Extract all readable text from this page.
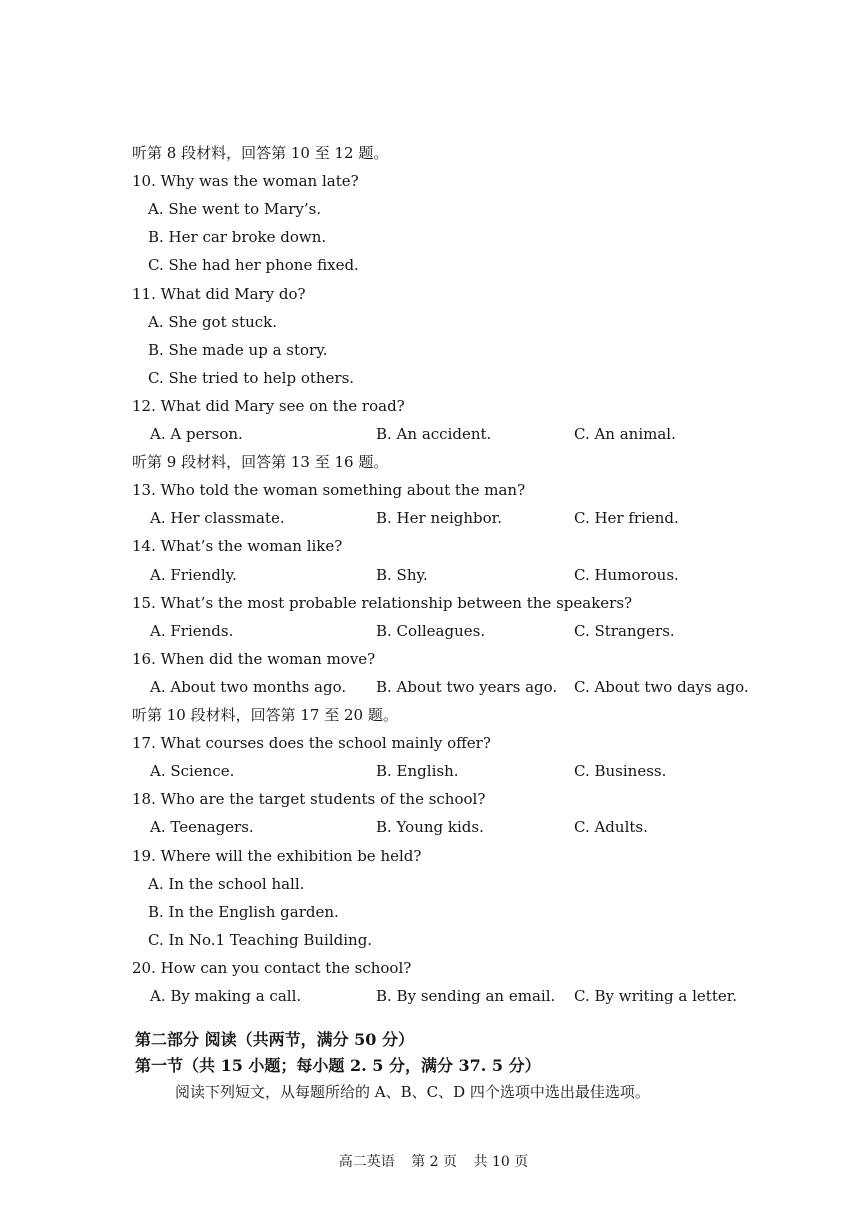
听第 8 段材料，回答第 10 至 12 题。
10. Why was the woman late?
A. She went to Mary’s.
B. Her car broke down.
C. She had her phone fixed.
11. What did Mary do?
A. She got stuck.
B. She made up a story.
C. She tried to help others.
12. What did Mary see on the road?
A. A person.	B. An accident.	C. An animal.
听第 9 段材料，回答第 13 至 16 题。
13. Who told the woman something about the man?
A. Her classmate.	B. Her neighbor.	C. Her friend.
14. What’s the woman like?
A. Friendly.	B. Shy.	C. Humorous.
15. What’s the most probable relationship between the speakers?
A. Friends.	B. Colleagues.	C. Strangers.
16. When did the woman move?
A. About two months ago. B. About two years ago. C. About two days ago.
听第 10 段材料，回答第 17 至 20 题。
17. What courses does the school mainly offer?
A. Science.	B. English.	C. Business.
18. Who are the target students of the school?
A. Teenagers.	B. Young kids.	C. Adults.
19. Where will the exhibition be held?
A. In the school hall.
B. In the English garden.
C. In No.1 Teaching Building.
20. How can you contact the school?
A. By making a call.	B. By sending an email. C. By writing a letter.
第二部分 阅读（共两节，满分 50 分）
第一节（共 15 小题；每小题 2. 5 分，满分 37. 5 分）
阅读下列短文，从每题所给的 A、B、C、D 四个选项中选出最佳选项。
高二英语 第 2 页 共 10 页
